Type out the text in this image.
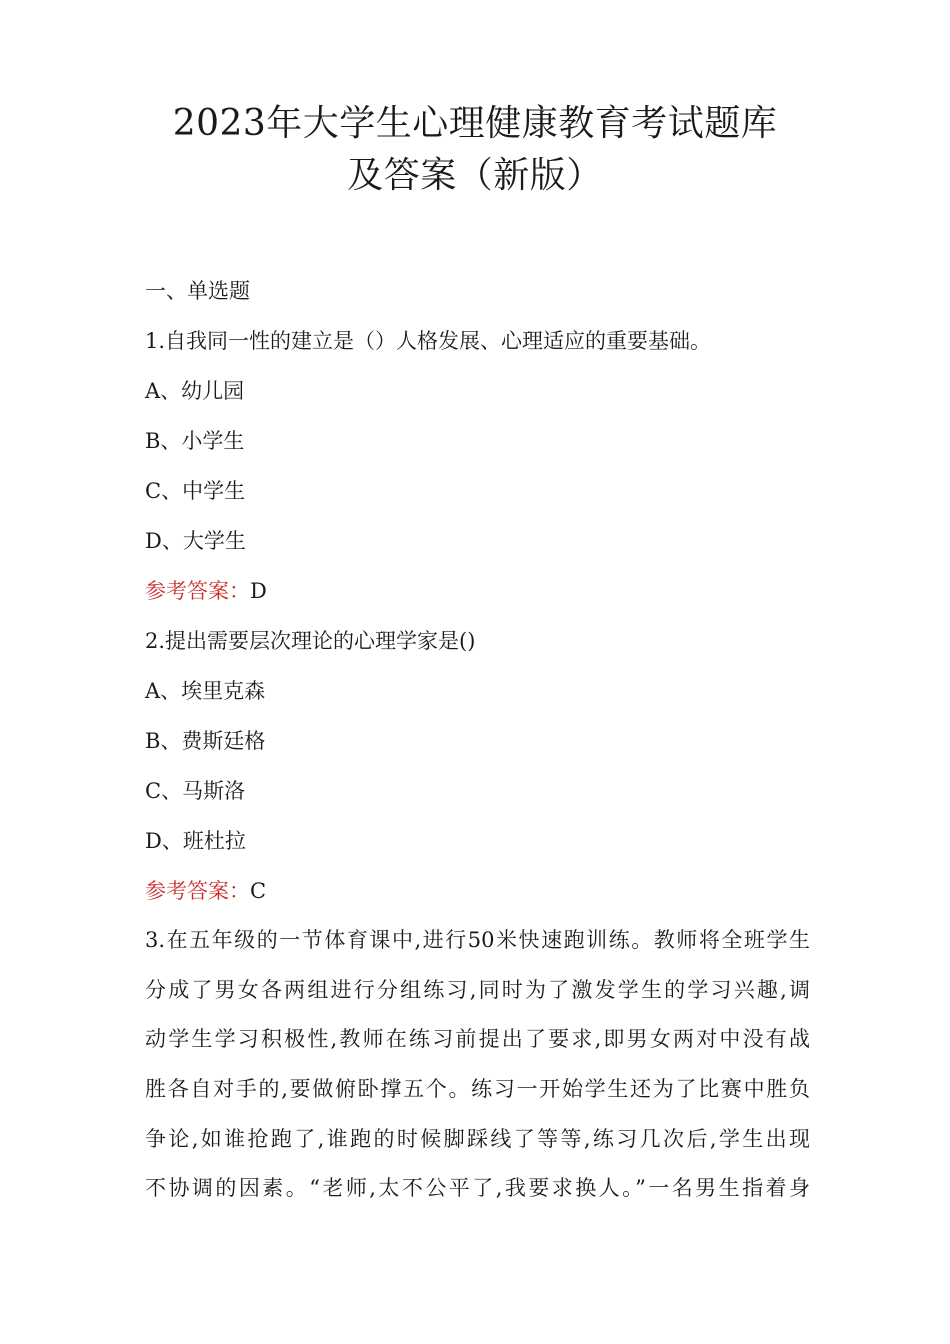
2023年大学生心理健康教育考试题库
及答案（新版）
一、单选题
1.自我同一性的建立是（）人格发展、心理适应的重要基础。
A、幼儿园
B、小学生
C、中学生
D、大学生
参考答案：D
2.提出需要层次理论的心理学家是()
A、埃里克森
B、费斯廷格
C、马斯洛
D、班杜拉
参考答案：C

3.在五年级的一节体育课中,进行50米快速跑训练。教师将全班学生
分成了男女各两组进行分组练习,同时为了激发学生的学习兴趣,调
动学生学习积极性,教师在练习前提出了要求,即男女两对中没有战
胜各自对手的,要做俯卧撑五个。练习一开始学生还为了比赛中胜负
争论,如谁抢跑了,谁跑的时候脚踩线了等等,练习几次后,学生出现
不协调的因素。“老师,太不公平了,我要求换人。”一名男生指着身
